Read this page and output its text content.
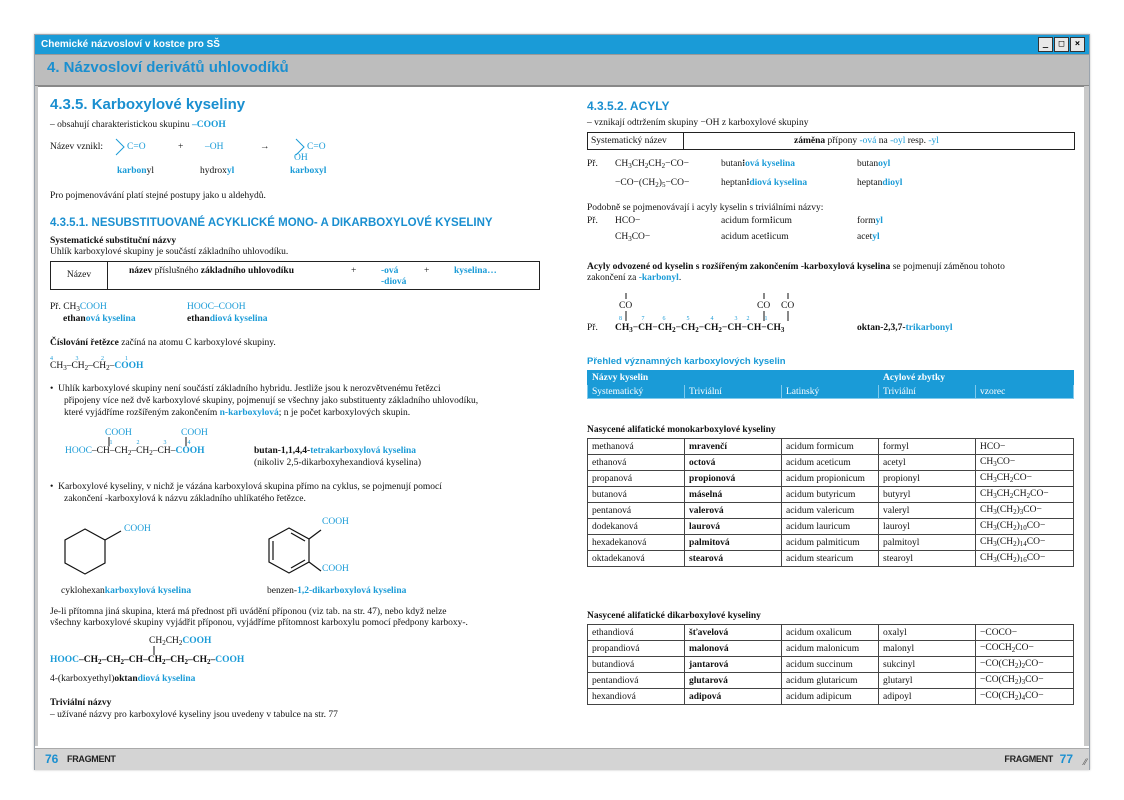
Chemické názvosloví v kostce pro SŠ	_	□	×
4. Názvosloví derivátů uhlovodíků
4.3.5. Karboxylové kyseliny
– obsahují charakteristickou skupinu –COOH
Název vznikl:	C=O	+ –OH	→	C=O
OH
karbonyl	hydroxyl	karboxyl
Pro pojmenovávání platí stejné postupy jako u aldehydů.
4.3.5.1. NESUBSTITUOVANÉ ACYKLICKÉ MONO- A DIKARBOXYLOVÉ KYSELINY
Systematické substituční názvy
Uhlík karboxylové skupiny je součástí základního uhlovodíku.
Název	název příslušného základního uhlovodíku	+	-ová
-diová
+	kyselina…
Př. $CH_3COOH$
ethanová kyselina
HOOC–COOH
ethandiová kyselina
Číslování řetězce začíná na atomu C karboxylové skupiny.
4               3               2              1
$CH_3-CH_2-CH_2$–COOH
•  Uhlík karboxylové skupiny není součástí základního hybridu. Jestliže jsou k nerozvětvenému řetězci
připojeny více než dvě karboxylové skupiny, pojmenují se všechny jako substituenty základního uhlovodíku,
které vyjádříme rozšířeným zakončením n-karboxylová; n je počet karboxylových skupin.
COOH	COOH
1                2                3              4
HOOC–$CH-CH_2-CH_2-CH$–COOH	butan-1,1,4,4-tetrakarboxylová kyselina
(nikoliv 2,5-dikarboxyhexandiová kyselina)
•  Karboxylové kyseliny, v nichž je vázána karboxylová skupina přímo na cyklus, se pojmenují pomocí
zakončení -karboxylová k názvu základního uhlíkatého řetězce.
COOH
cyklohexankarboxylová kyselina
COOH
COOH
benzen-1,2-dikarboxylová kyselina
Je-li přítomna jiná skupina, která má přednost při uvádění příponou (viz tab. na str. 47), nebo když nelze
všechny karboxylové skupiny vyjádřit příponou, vyjádříme přítomnost karboxylu pomocí předpony karboxy-.
$CH_2CH_2COOH$
HOOC–$CH_2-CH_2-CH-CH_2-CH_2-CH_2$–COOH
4-(karboxyethyl)oktandiová kyselina
Triviální názvy
– užívané názvy pro karboxylové kyseliny jsou uvedeny v tabulce na str. 77
4.3.5.2. ACYLY
– vznikají odtržením skupiny −OH z karboxylové skupiny
Systematický název	záměna přípony -ová na -oyl resp. -yl
Př. $CH_3CH_2CH_2-CO-$	butan⁝ová kyselina	butanoyl
$-CO-(CH_2)_5-CO-$	heptan⁝diová kyselina	heptandioyl
Podobně se pojmenovávají i acyly kyselin s triviálními názvy:
Př. HCO−	acidum form⁝icum	formyl
$CH_3CO-$	acidum acet⁝icum	acetyl
Acyly odvozené od kyselin s rozšířeným zakončením -karboxylová kyselina se pojmenují záměnou tohoto
zakončení za -karbonyl.
CO	CO CO
8             7            6              5              4              3      2          1
Př. $CH_3-CH-CH_2-CH_2-CH_2-CH-CH-CH_3$	oktan-2,3,7-trikarbonyl
Přehled významných karboxylových kyselin
Názvy kyselin			Acylové zbytky	
Systematický	Triviální	Latinský	Triviální	vzorec
Nasycené alifatické monokarboxylové kyseliny
methanová	mravenčí	acidum formicum	formyl	HCO−
ethanová	octová	acidum aceticum	acetyl	$CH_3CO-$
propanová	propionová	acidum propionicum	propionyl	$CH_3CH_2CO-$
butanová	máselná	acidum butyricum	butyryl	$CH_3CH_2CH_2CO-$
pentanová	valerová	acidum valericum	valeryl	$CH_3(CH_2)_3CO-$
dodekanová	laurová	acidum lauricum	lauroyl	$CH_3(CH_2)_{10}CO-$
hexadekanová	palmitová	acidum palmiticum	palmitoyl	$CH_3(CH_2)_{14}CO-$
oktadekanová	stearová	acidum stearicum	stearoyl	$CH_3(CH_2)_{16}CO-$
Nasycené alifatické dikarboxylové kyseliny
ethandiová	šťavelová	acidum oxalicum	oxalyl	−COCO−
propandiová	malonová	acidum malonicum	malonyl	$-COCH_2CO-$
butandiová	jantarová	acidum succinum	sukcinyl	$-CO(CH_2)_2CO-$
pentandiová	glutarová	acidum glutaricum	glutaryl	$-CO(CH_2)_3CO-$
hexandiová	adipová	acidum adipicum	adipoyl	$-CO(CH_2)_4CO-$
76 FRAGMENT	FRAGMENT 77 ⁄⁄
